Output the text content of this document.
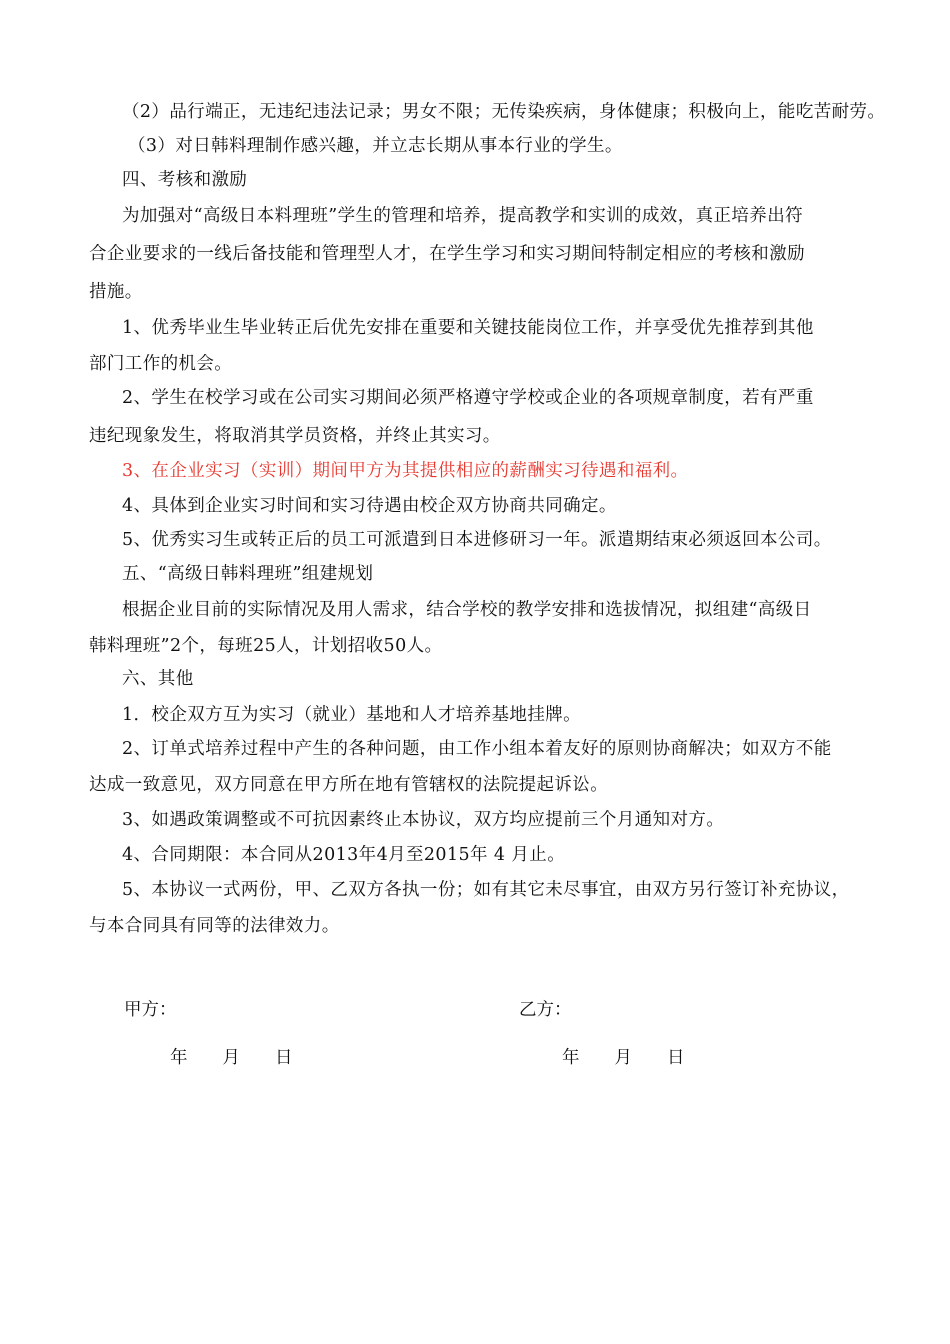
（2）品行端正，无违纪违法记录；男女不限；无传染疾病，身体健康；积极向上，能吃苦耐劳。
（3）对日韩料理制作感兴趣，并立志长期从事本行业的学生。
四、考核和激励
为加强对“高级日本料理班”学生的管理和培养，提高教学和实训的成效，真正培养出符
合企业要求的一线后备技能和管理型人才，在学生学习和实习期间特制定相应的考核和激励
措施。
1、优秀毕业生毕业转正后优先安排在重要和关键技能岗位工作，并享受优先推荐到其他
部门工作的机会。
2、学生在校学习或在公司实习期间必须严格遵守学校或企业的各项规章制度，若有严重
违纪现象发生，将取消其学员资格，并终止其实习。
3、在企业实习（实训）期间甲方为其提供相应的薪酬实习待遇和福利。
4、具体到企业实习时间和实习待遇由校企双方协商共同确定。
5、优秀实习生或转正后的员工可派遣到日本进修研习一年。派遣期结束必须返回本公司。
五、“高级日韩料理班”组建规划
根据企业目前的实际情况及用人需求，结合学校的教学安排和选拔情况，拟组建“高级日
韩料理班”2个，每班25人，计划招收50人。
六、其他
1．校企双方互为实习（就业）基地和人才培养基地挂牌。
2、订单式培养过程中产生的各种问题，由工作小组本着友好的原则协商解决；如双方不能
达成一致意见，双方同意在甲方所在地有管辖权的法院提起诉讼。
3、如遇政策调整或不可抗因素终止本协议，双方均应提前三个月通知对方。
4、合同期限：本合同从2013年4月至2015年 4 月止。
5、本协议一式两份，甲、乙双方各执一份；如有其它未尽事宜，由双方另行签订补充协议，
与本合同具有同等的法律效力。
甲方：	乙方：
年　　月　　日	年　　月　　日
